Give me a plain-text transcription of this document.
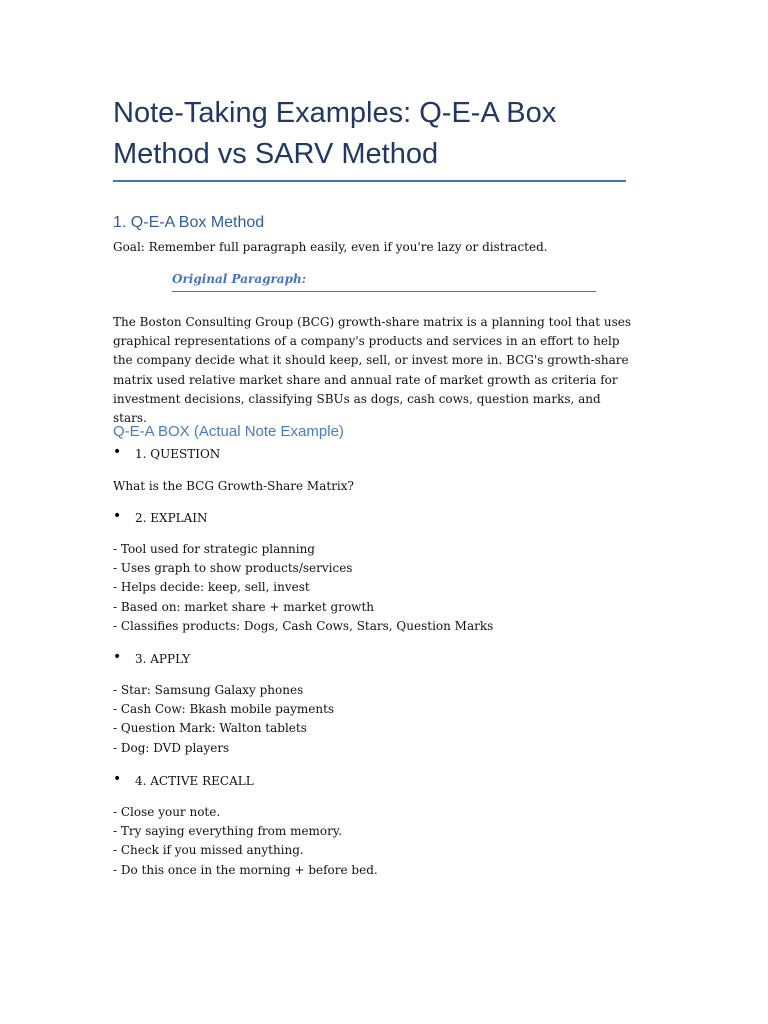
Note-Taking Examples: Q-E-A Box Method vs SARV Method
1. Q-E-A Box Method

Goal: Remember full paragraph easily, even if you're lazy or distracted.

Original Paragraph:

The Boston Consulting Group (BCG) growth-share matrix is a planning tool that uses graphical representations of a company's products and services in an effort to help the company decide what it should keep, sell, or invest more in. BCG's growth-share matrix used relative market share and annual rate of market growth as criteria for investment decisions, classifying SBUs as dogs, cash cows, question marks, and stars.

Q-E-A BOX (Actual Note Example)
• 1. QUESTION

What is the BCG Growth-Share Matrix?

• 2. EXPLAIN
- Tool used for strategic planning
- Uses graph to show products/services
- Helps decide: keep, sell, invest
- Based on: market share + market growth
- Classifies products: Dogs, Cash Cows, Stars, Question Marks
• 3. APPLY
- Star: Samsung Galaxy phones
- Cash Cow: Bkash mobile payments
- Question Mark: Walton tablets
- Dog: DVD players
• 4. ACTIVE RECALL
- Close your note.
- Try saying everything from memory.
- Check if you missed anything.
- Do this once in the morning + before bed.
